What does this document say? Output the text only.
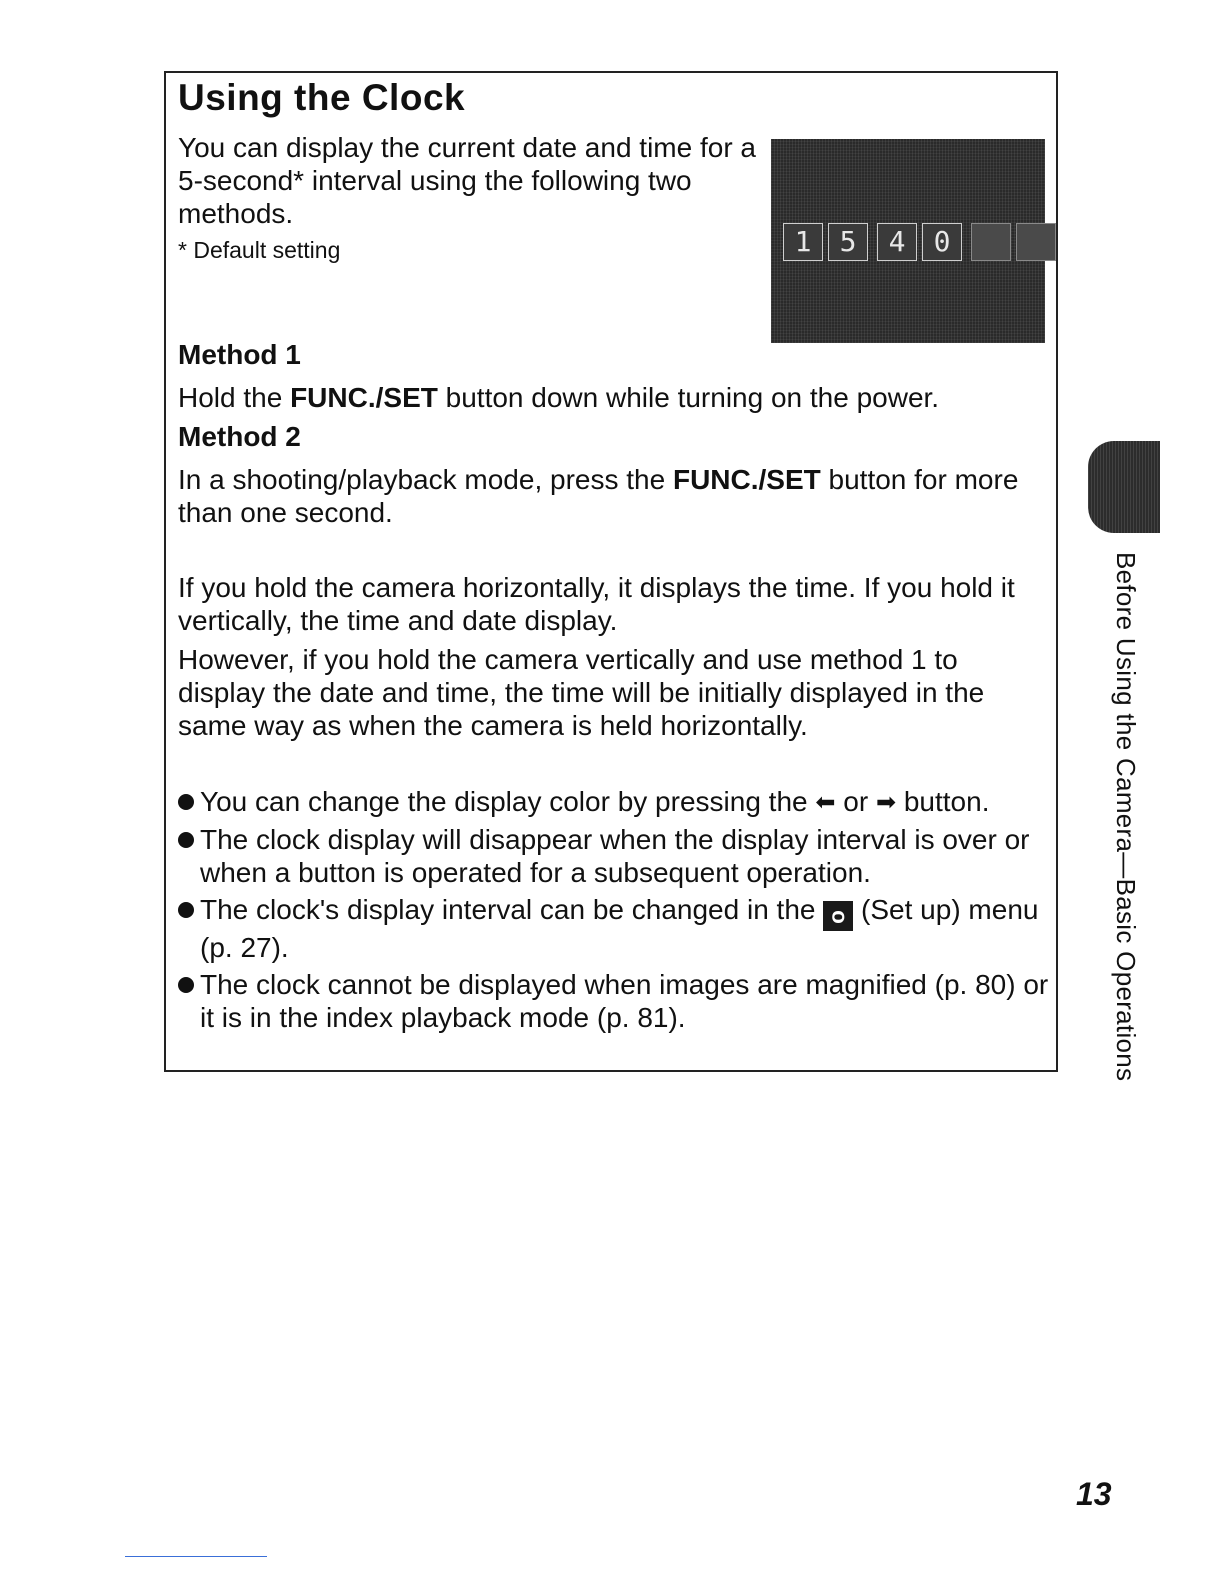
Using the Clock

You can display the current date and time for a 5-second* interval using the following two methods.

* Default setting	1	5	4	0
Method 1

Hold the FUNC./SET button down while turning on the power.

Method 2

In a shooting/playback mode, press the FUNC./SET button for more than one second.

If you hold the camera horizontally, it displays the time. If you hold it vertically, the time and date display.

However, if you hold the camera vertically and use method 1 to display the date and time, the time will be initially displayed in the same way as when the camera is held horizontally.

You can change the display color by pressing the ⬅ or ➡ button.
The clock display will disappear when the display interval is over or when a button is operated for a subsequent operation.
The clock's display interval can be changed in the ᴑ (Set up) menu (p. 27).
The clock cannot be displayed when images are magnified (p. 80) or it is in the index playback mode (p. 81).	Before Using the Camera—Basic Operations
13
